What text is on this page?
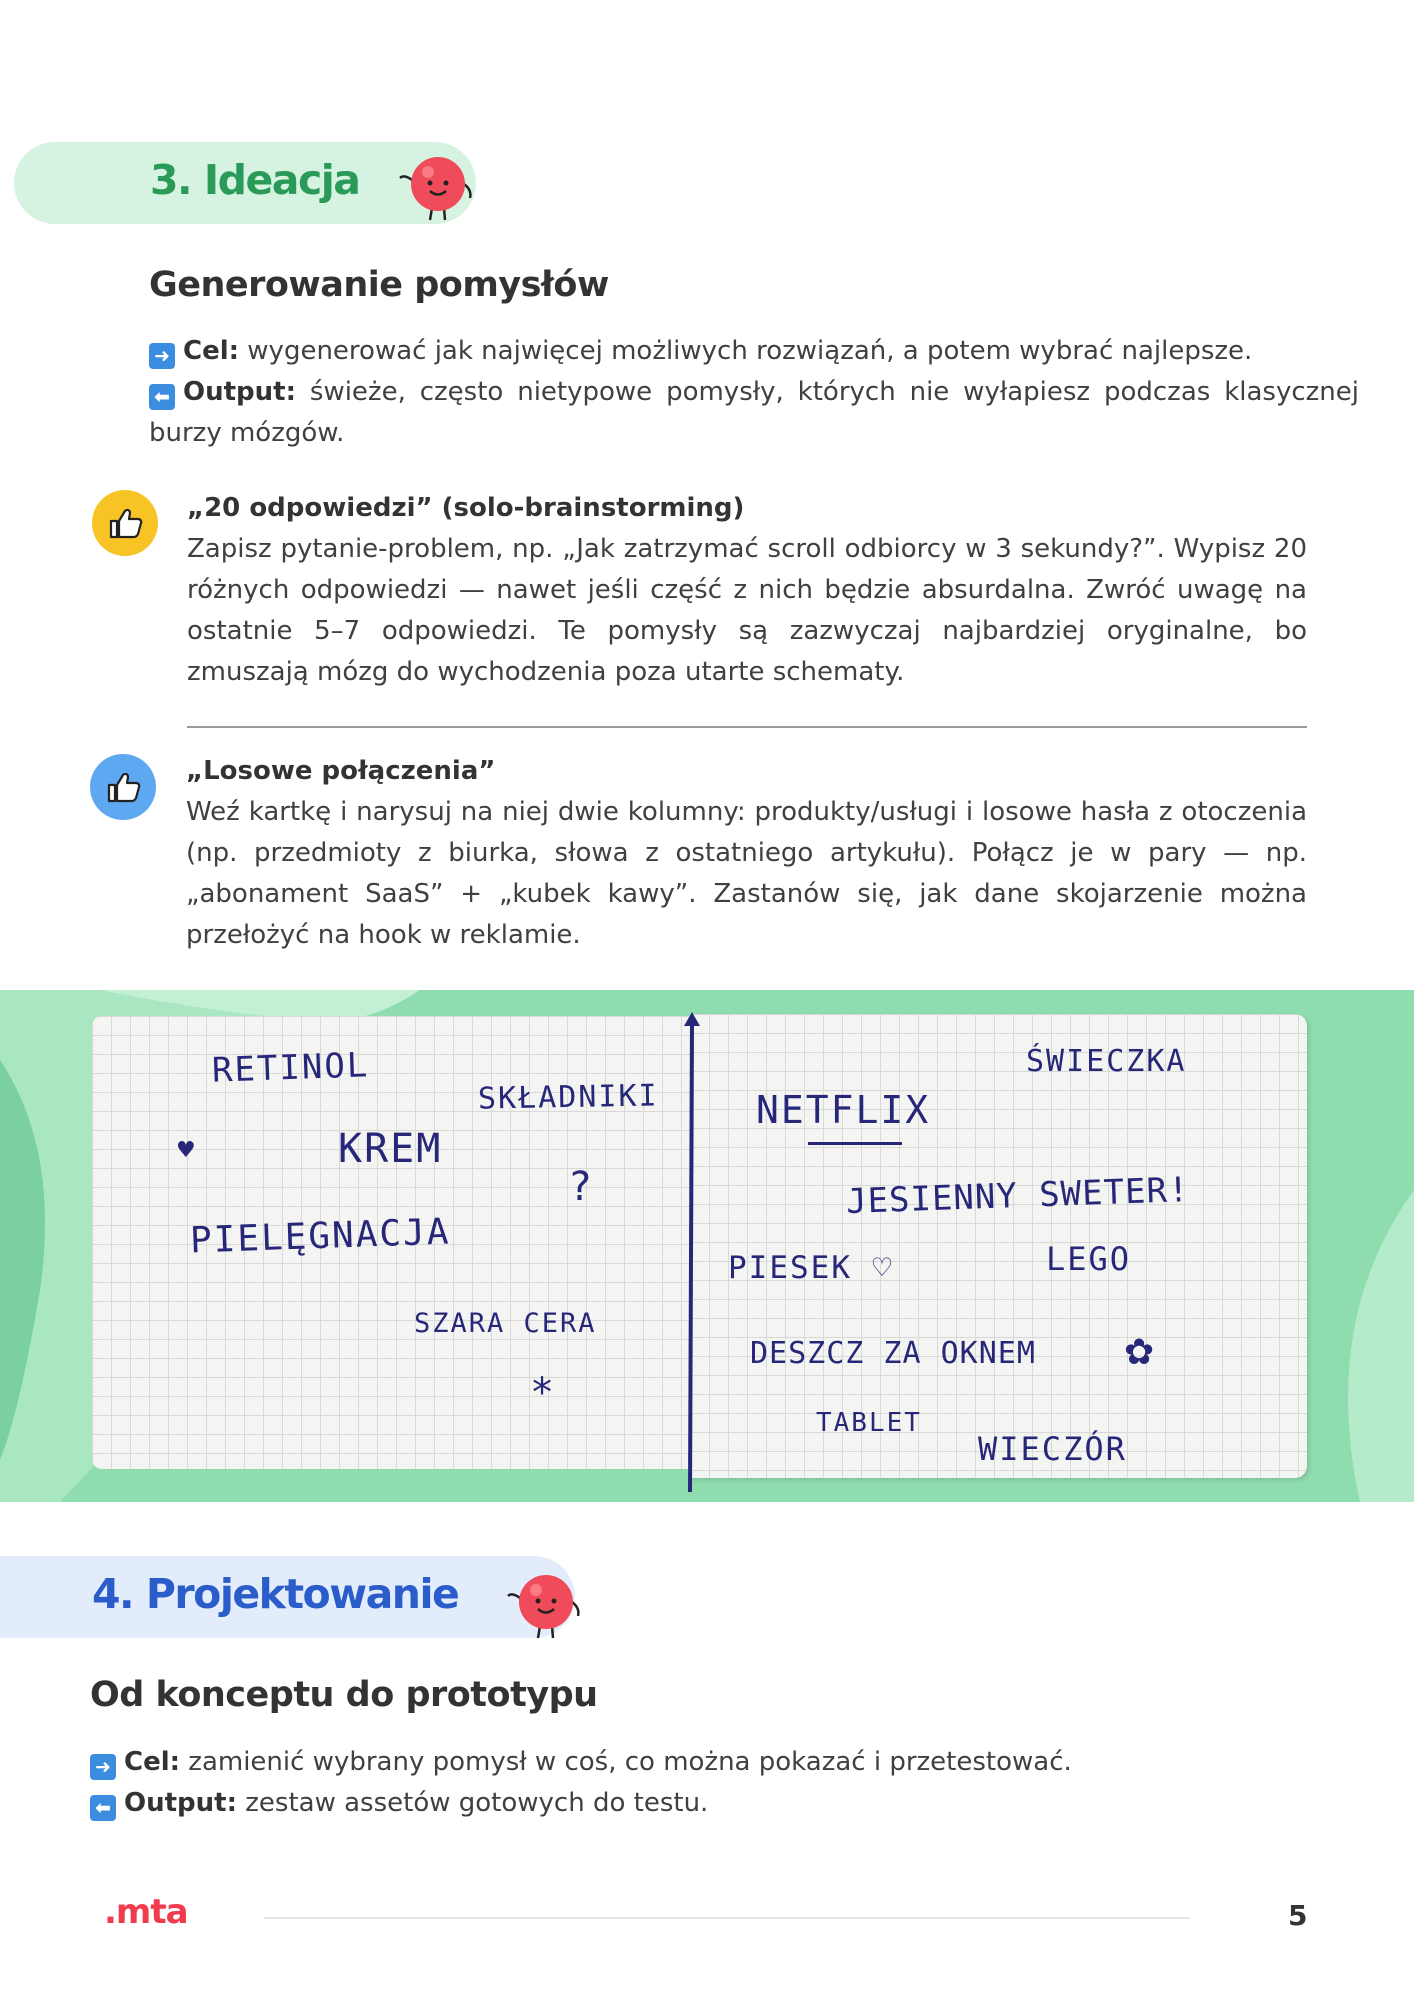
3. Ideacja
Generowanie pomysłów
➜ Cel: wygenerować jak najwięcej możliwych rozwiązań, a potem wybrać najlepsze.
⬅ Output: świeże, często nietypowe pomysły, których nie wyłapiesz podczas klasycznej burzy mózgów.
„20 odpowiedzi” (solo-brainstorming)
Zapisz pytanie-problem, np. „Jak zatrzymać scroll odbiorcy w 3 sekundy?”. Wypisz 20 różnych odpowiedzi — nawet jeśli część z nich będzie absurdalna. Zwróć uwagę na ostatnie 5–7 odpowiedzi. Te pomysły są zazwyczaj najbardziej oryginalne, bo zmuszają mózg do wychodzenia poza utarte schematy.
„Losowe połączenia”
Weź kartkę i narysuj na niej dwie kolumny: produkty/usługi i losowe hasła z otoczenia (np. przedmioty z biurka, słowa z ostatniego artykułu). Połącz je w pary — np. „abonament SaaS” + „kubek kawy”. Zastanów się, jak dane skojarzenie można przełożyć na hook w reklamie.
RETINOL
SKŁADNIKI
♥	KREM
?
PIELĘGNACJA
SZARA CERA
*
ŚWIECZKA
NETFLIX
JESIENNY SWETER!
PIESEK ♡	LEGO
DESZCZ ZA OKNEM ✿
TABLET
WIECZÓR
4. Projektowanie
Od konceptu do prototypu
➜ Cel: zamienić wybrany pomysł w coś, co można pokazać i przetestować.
⬅ Output: zestaw assetów gotowych do testu.
.mta	5
